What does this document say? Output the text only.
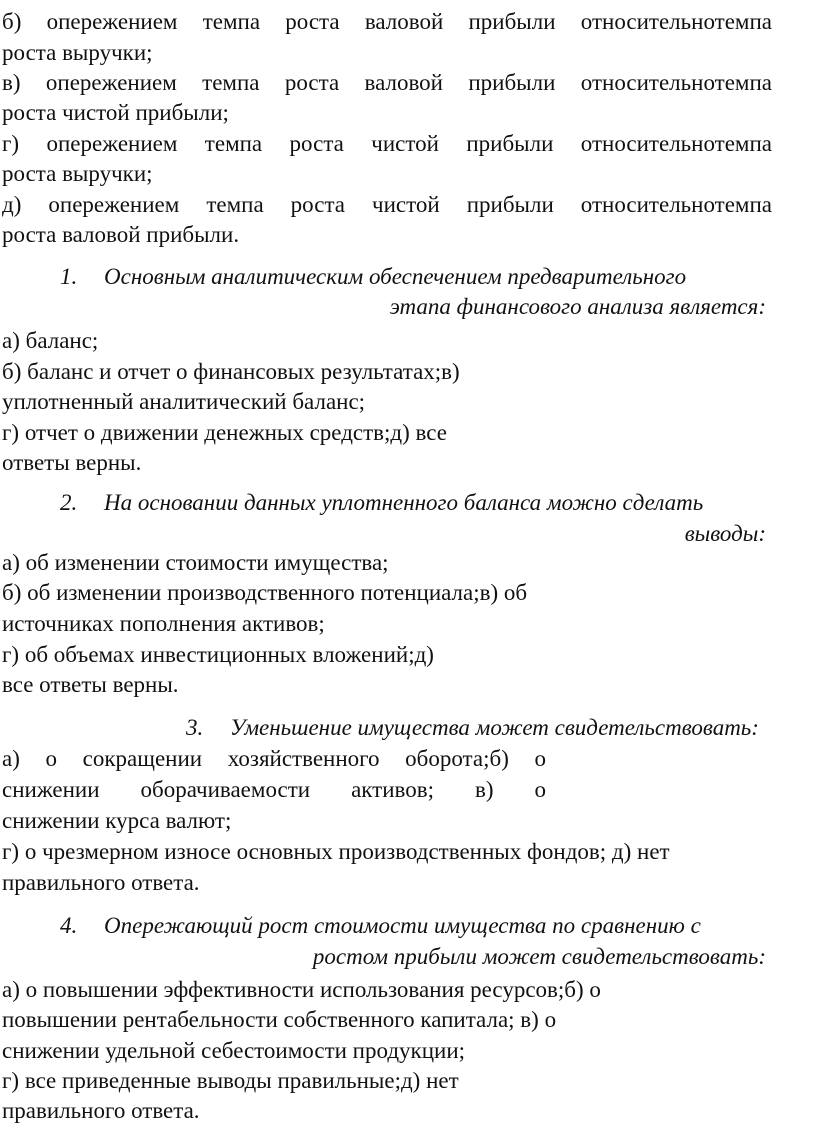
б) опережением темпа роста валовой прибыли относительнотемпа
роста выручки;
в) опережением темпа роста валовой прибыли относительнотемпа
роста чистой прибыли;
г) опережением темпа роста чистой прибыли относительнотемпа
роста выручки;
д) опережением темпа роста чистой прибыли относительнотемпа
роста валовой прибыли.
1. Основным аналитическим обеспечением предварительного
этапа финансового анализа является:
а) баланс;
б) баланс и отчет о финансовых результатах;в)
уплотненный аналитический баланс;
г) отчет о движении денежных средств;д) все
ответы верны.
2. На основании данных уплотненного баланса можно сделать
выводы:
а) об изменении стоимости имущества;
б) об изменении производственного потенциала;в) об
источниках пополнения активов;
г) об объемах инвестиционных вложений;д)
все ответы верны.
3. Уменьшение имущества может свидетельствовать:
а) о сокращении хозяйственного оборота;б) о
снижении оборачиваемости активов; в) о
снижении курса валют;
г) о чрезмерном износе основных производственных фондов; д) нет
правильного ответа.
4. Опережающий рост стоимости имущества по сравнению с
ростом прибыли может свидетельствовать:
а) о повышении эффективности использования ресурсов;б) о
повышении рентабельности собственного капитала; в) о
снижении удельной себестоимости продукции;
г) все приведенные выводы правильные;д) нет
правильного ответа.
